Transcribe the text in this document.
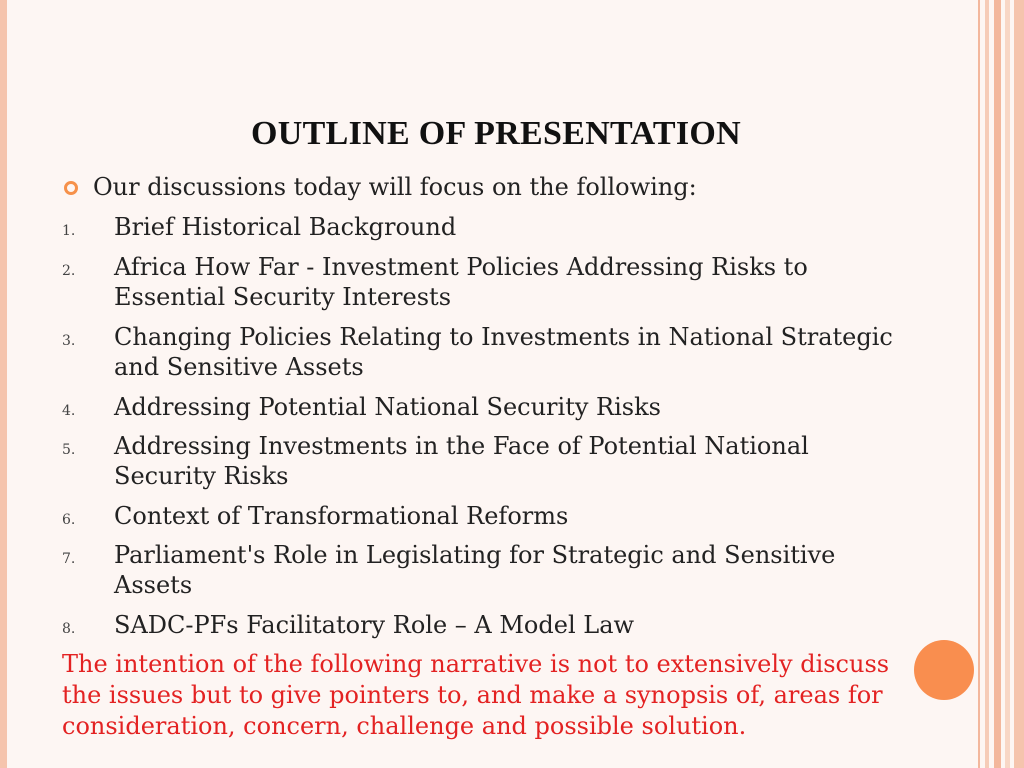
OUTLINE OF PRESENTATION
Our discussions today will focus on the following:
1. Brief Historical Background
2. Africa How Far - Investment Policies Addressing Risks to
Essential Security Interests
3. Changing Policies Relating to Investments in National Strategic
and Sensitive Assets
4. Addressing Potential National Security Risks
5. Addressing Investments in the Face of Potential National
Security Risks
6. Context of Transformational Reforms
7. Parliament's Role in Legislating for Strategic and Sensitive
Assets
8. SADC-PFs Facilitatory Role – A Model Law
The intention of the following narrative is not to extensively discuss
the issues but to give pointers to, and make a synopsis of, areas for
consideration, concern, challenge and possible solution.
